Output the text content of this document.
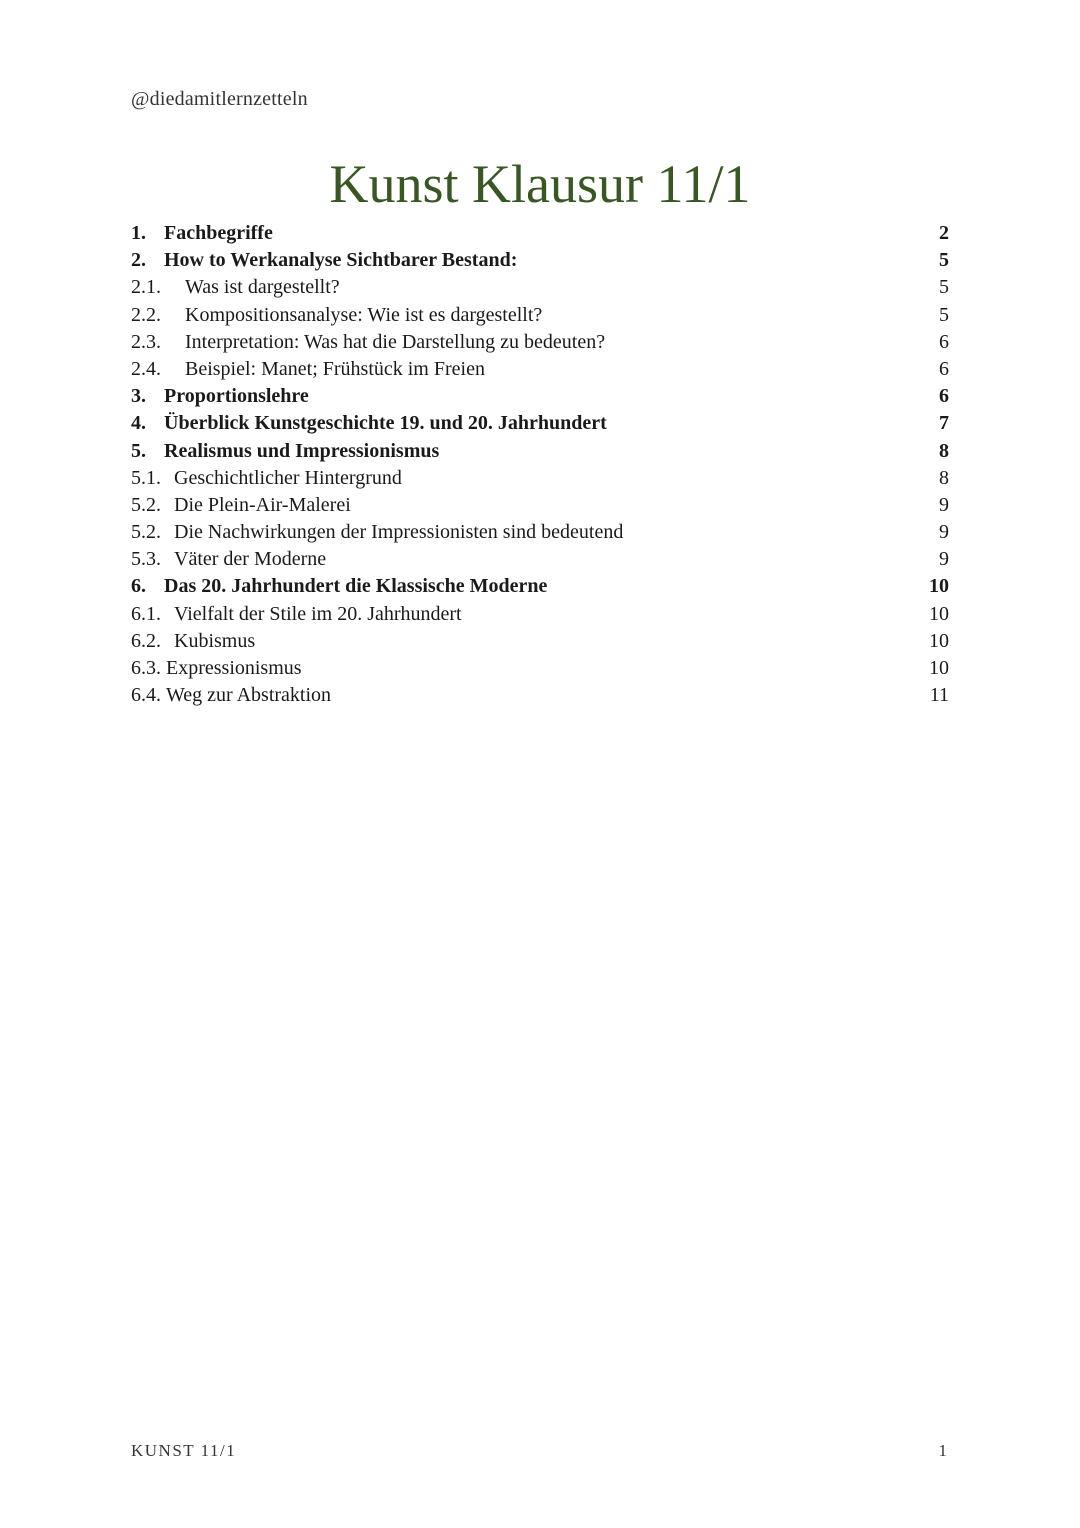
@diedamitlernzetteln
Kunst Klausur 11/1
1. Fachbegriffe	2
2. How to Werkanalyse Sichtbarer Bestand:	5
2.1.	Was ist dargestellt?	5
2.2.	Kompositionsanalyse: Wie ist es dargestellt?	5
2.3.	Interpretation: Was hat die Darstellung zu bedeuten?	6
2.4.	Beispiel: Manet; Frühstück im Freien	6
3. Proportionslehre	6
4. Überblick Kunstgeschichte 19. und 20. Jahrhundert	7
5. Realismus und Impressionismus	8
5.1. Geschichtlicher Hintergrund	8
5.2. Die Plein-Air-Malerei	9
5.2. Die Nachwirkungen der Impressionisten sind bedeutend	9
5.3. Väter der Moderne	9
6. Das 20. Jahrhundert die Klassische Moderne	10
6.1. Vielfalt der Stile im 20. Jahrhundert	10
6.2. Kubismus	10
6.3. Expressionismus	10
6.4. Weg zur Abstraktion	11
KUNST 11/1	1
